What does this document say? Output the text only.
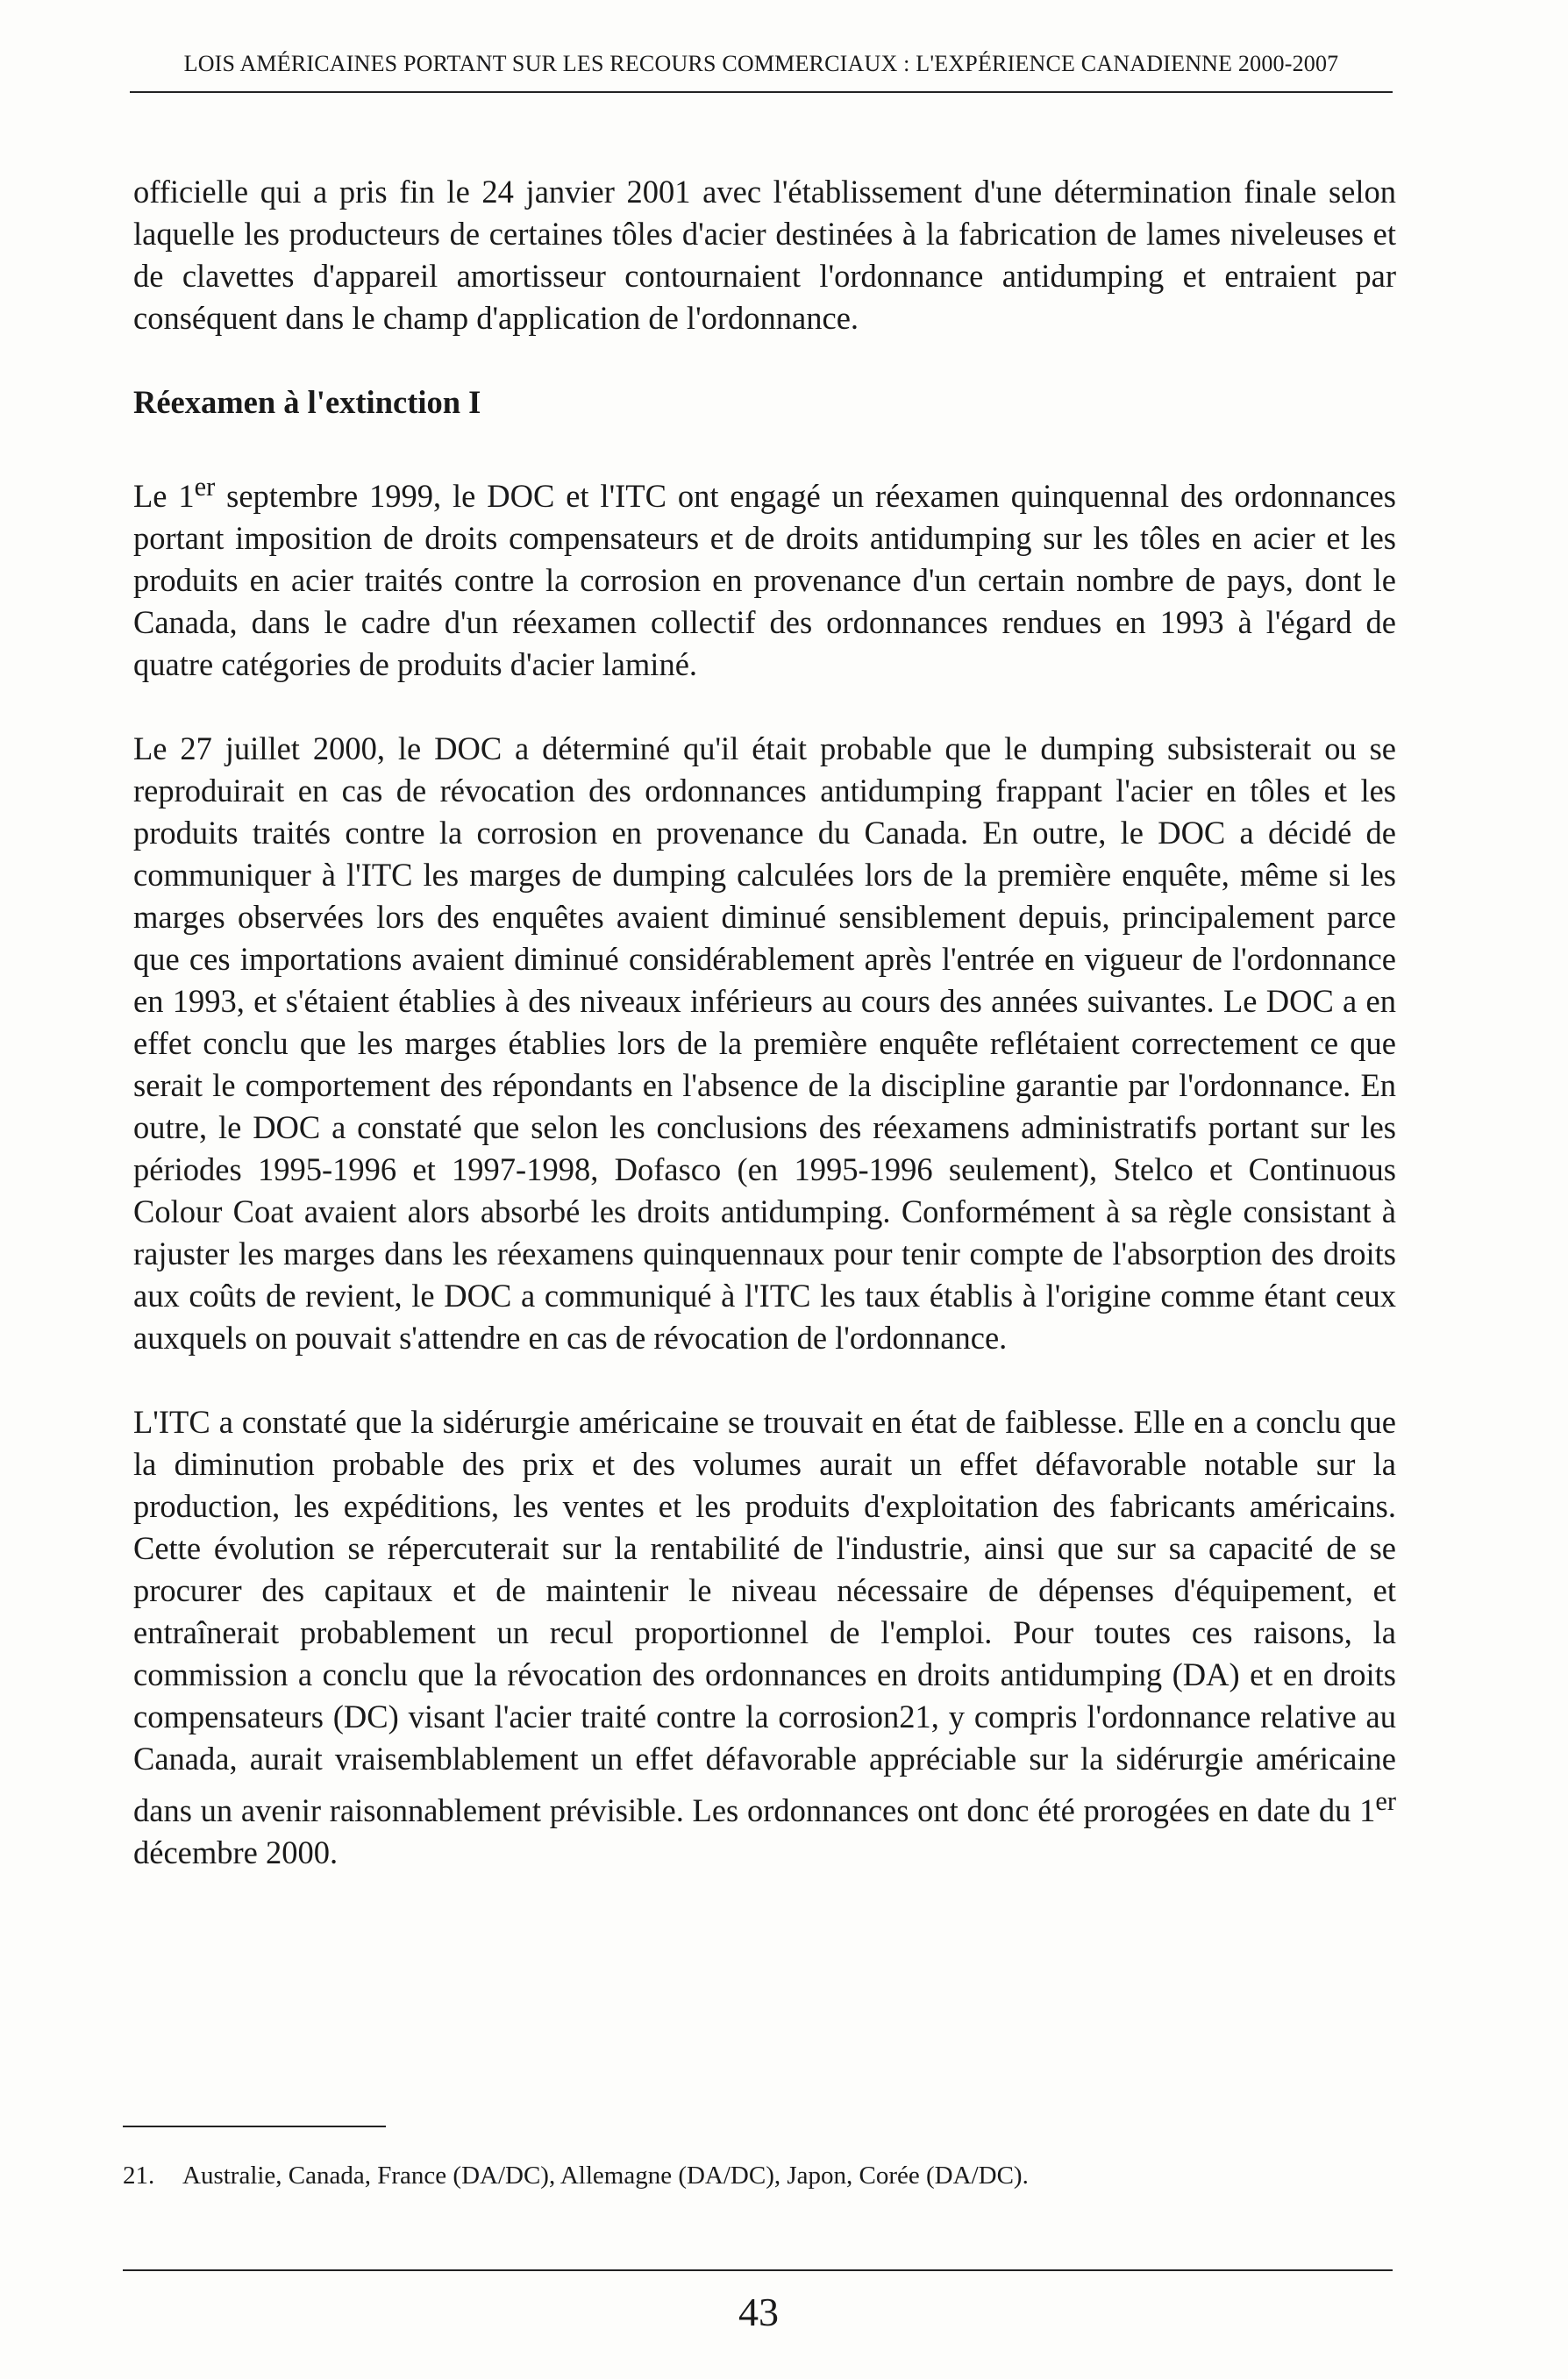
LOIS AMÉRICAINES PORTANT SUR LES RECOURS COMMERCIAUX : L'EXPÉRIENCE CANADIENNE 2000-2007

officielle qui a pris fin le 24 janvier 2001 avec l'établissement d'une détermination finale selon laquelle les producteurs de certaines tôles d'acier destinées à la fabrication de lames niveleuses et de clavettes d'appareil amortisseur contournaient l'ordonnance antidumping et entraient par conséquent dans le champ d'application de l'ordonnance.

Réexamen à l'extinction I

Le 1er septembre 1999, le DOC et l'ITC ont engagé un réexamen quinquennal des ordonnances portant imposition de droits compensateurs et de droits antidumping sur les tôles en acier et les produits en acier traités contre la corrosion en provenance d'un certain nombre de pays, dont le Canada, dans le cadre d'un réexamen collectif des ordonnances rendues en 1993 à l'égard de quatre catégories de produits d'acier laminé.

Le 27 juillet 2000, le DOC a déterminé qu'il était probable que le dumping subsisterait ou se reproduirait en cas de révocation des ordonnances antidumping frappant l'acier en tôles et les produits traités contre la corrosion en provenance du Canada. En outre, le DOC a décidé de communiquer à l'ITC les marges de dumping calculées lors de la première enquête, même si les marges observées lors des enquêtes avaient diminué sensiblement depuis, principalement parce que ces importations avaient diminué considérablement après l'entrée en vigueur de l'ordonnance en 1993, et s'étaient établies à des niveaux inférieurs au cours des années suivantes. Le DOC a en effet conclu que les marges établies lors de la première enquête reflétaient correctement ce que serait le comportement des répondants en l'absence de la discipline garantie par l'ordonnance. En outre, le DOC a constaté que selon les conclusions des réexamens administratifs portant sur les périodes 1995-1996 et 1997-1998, Dofasco (en 1995-1996 seulement), Stelco et Continuous Colour Coat avaient alors absorbé les droits antidumping. Conformément à sa règle consistant à rajuster les marges dans les réexamens quinquennaux pour tenir compte de l'absorption des droits aux coûts de revient, le DOC a communiqué à l'ITC les taux établis à l'origine comme étant ceux auxquels on pouvait s'attendre en cas de révocation de l'ordonnance.

L'ITC a constaté que la sidérurgie américaine se trouvait en état de faiblesse. Elle en a conclu que la diminution probable des prix et des volumes aurait un effet défavorable notable sur la production, les expéditions, les ventes et les produits d'exploitation des fabricants américains. Cette évolution se répercuterait sur la rentabilité de l'industrie, ainsi que sur sa capacité de se procurer des capitaux et de maintenir le niveau nécessaire de dépenses d'équipement, et entraînerait probablement un recul proportionnel de l'emploi. Pour toutes ces raisons, la commission a conclu que la révocation des ordonnances en droits antidumping (DA) et en droits compensateurs (DC) visant l'acier traité contre la corrosion21, y compris l'ordonnance relative au Canada, aurait vraisemblablement un effet défavorable appréciable sur la sidérurgie américaine dans un avenir raisonnablement prévisible. Les ordonnances ont donc été prorogées en date du 1er décembre 2000.

21. Australie, Canada, France (DA/DC), Allemagne (DA/DC), Japon, Corée (DA/DC).
43
